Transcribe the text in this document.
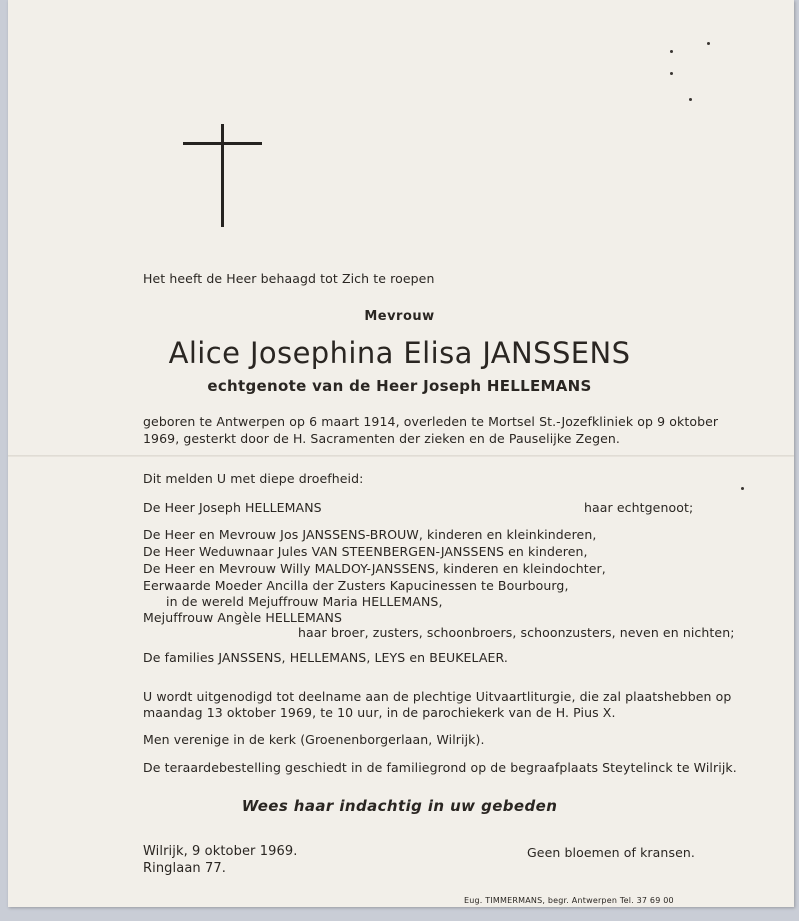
Het heeft de Heer behaagd tot Zich te roepen
Mevrouw
Alice Josephina Elisa JANSSENS
echtgenote van de Heer Joseph HELLEMANS
geboren te Antwerpen op 6 maart 1914, overleden te Mortsel St.-Jozefkliniek op 9 oktober
1969, gesterkt door de H. Sacramenten der zieken en de Pauselijke Zegen.
Dit melden U met diepe droefheid:
De Heer Joseph HELLEMANS	haar echtgenoot;
De Heer en Mevrouw Jos JANSSENS-BROUW, kinderen en kleinkinderen,
De Heer Weduwnaar Jules VAN STEENBERGEN-JANSSENS en kinderen,
De Heer en Mevrouw Willy MALDOY-JANSSENS, kinderen en kleindochter,
Eerwaarde Moeder Ancilla der Zusters Kapucinessen te Bourbourg,
in de wereld Mejuffrouw Maria HELLEMANS,
Mejuffrouw Angèle HELLEMANS
haar broer, zusters, schoonbroers, schoonzusters, neven en nichten;
De families JANSSENS, HELLEMANS, LEYS en BEUKELAER.
U wordt uitgenodigd tot deelname aan de plechtige Uitvaartliturgie, die zal plaatshebben op
maandag 13 oktober 1969, te 10 uur, in de parochiekerk van de H. Pius X.
Men verenige in de kerk (Groenenborgerlaan, Wilrijk).
De teraardebestelling geschiedt in de familiegrond op de begraafplaats Steytelinck te Wilrijk.
Wees haar indachtig in uw gebeden
Wilrijk, 9 oktober 1969.	Geen bloemen of kransen.
Ringlaan 77.
Eug. TIMMERMANS, begr. Antwerpen Tel. 37 69 00
